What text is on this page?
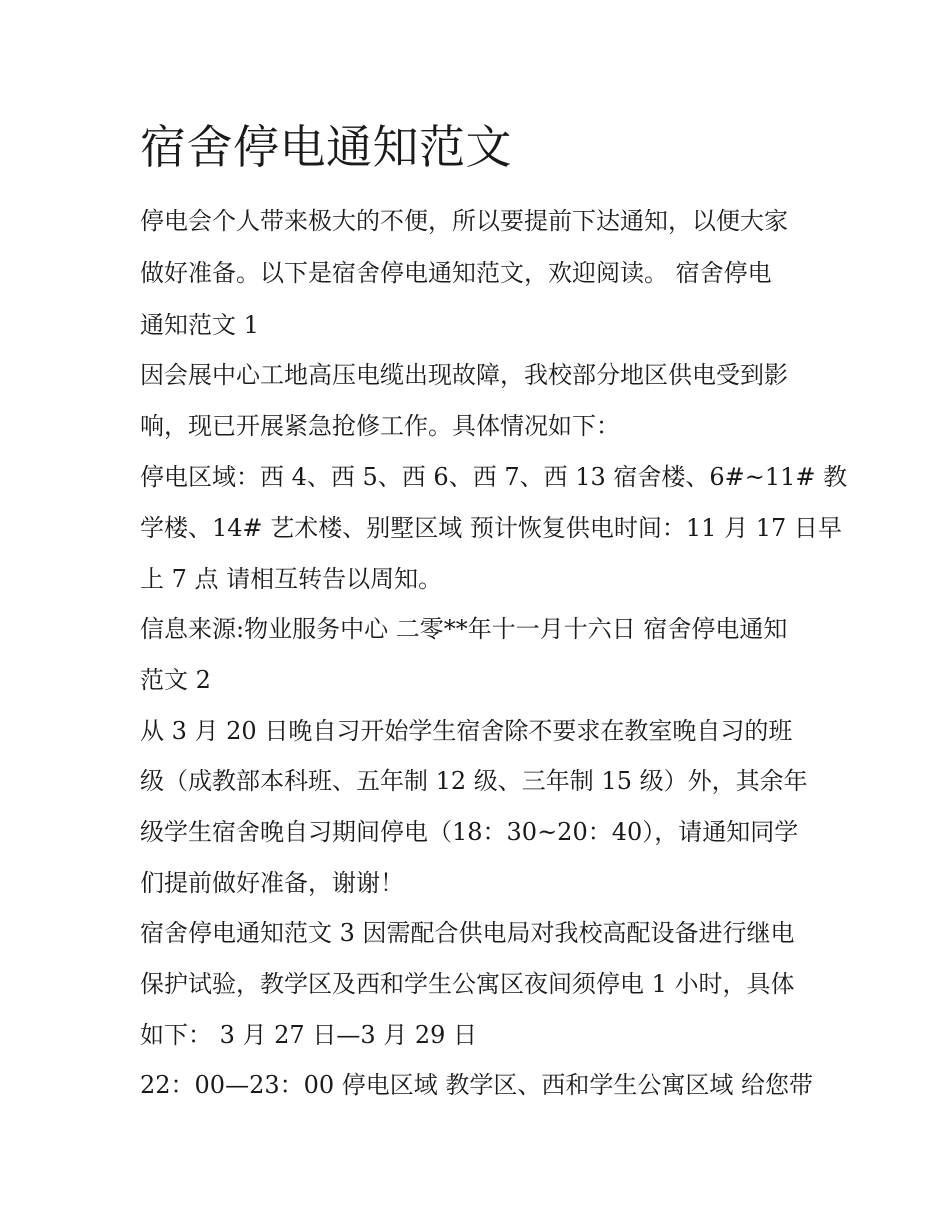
宿舍停电通知范文

停电会个人带来极大的不便，所以要提前下达通知，以便大家

做好准备。以下是宿舍停电通知范文，欢迎阅读。 宿舍停电

通知范文 1

因会展中心工地高压电缆出现故障，我校部分地区供电受到影

响，现已开展紧急抢修工作。具体情况如下：

停电区域：西 4、西 5、西 6、西 7、西 13 宿舍楼、6#~11# 教

学楼、14# 艺术楼、别墅区域 预计恢复供电时间：11 月 17 日早

上 7 点 请相互转告以周知。

信息来源:物业服务中心 二零**年十一月十六日 宿舍停电通知

范文 2

从 3 月 20 日晚自习开始学生宿舍除不要求在教室晚自习的班

级（成教部本科班、五年制 12 级、三年制 15 级）外，其余年

级学生宿舍晚自习期间停电（18：30~20：40），请通知同学

们提前做好准备，谢谢！

宿舍停电通知范文 3 因需配合供电局对我校高配设备进行继电

保护试验，教学区及西和学生公寓区夜间须停电 1 小时，具体

如下： 3 月 27 日—3 月 29 日

22：00—23：00 停电区域 教学区、西和学生公寓区域 给您带
